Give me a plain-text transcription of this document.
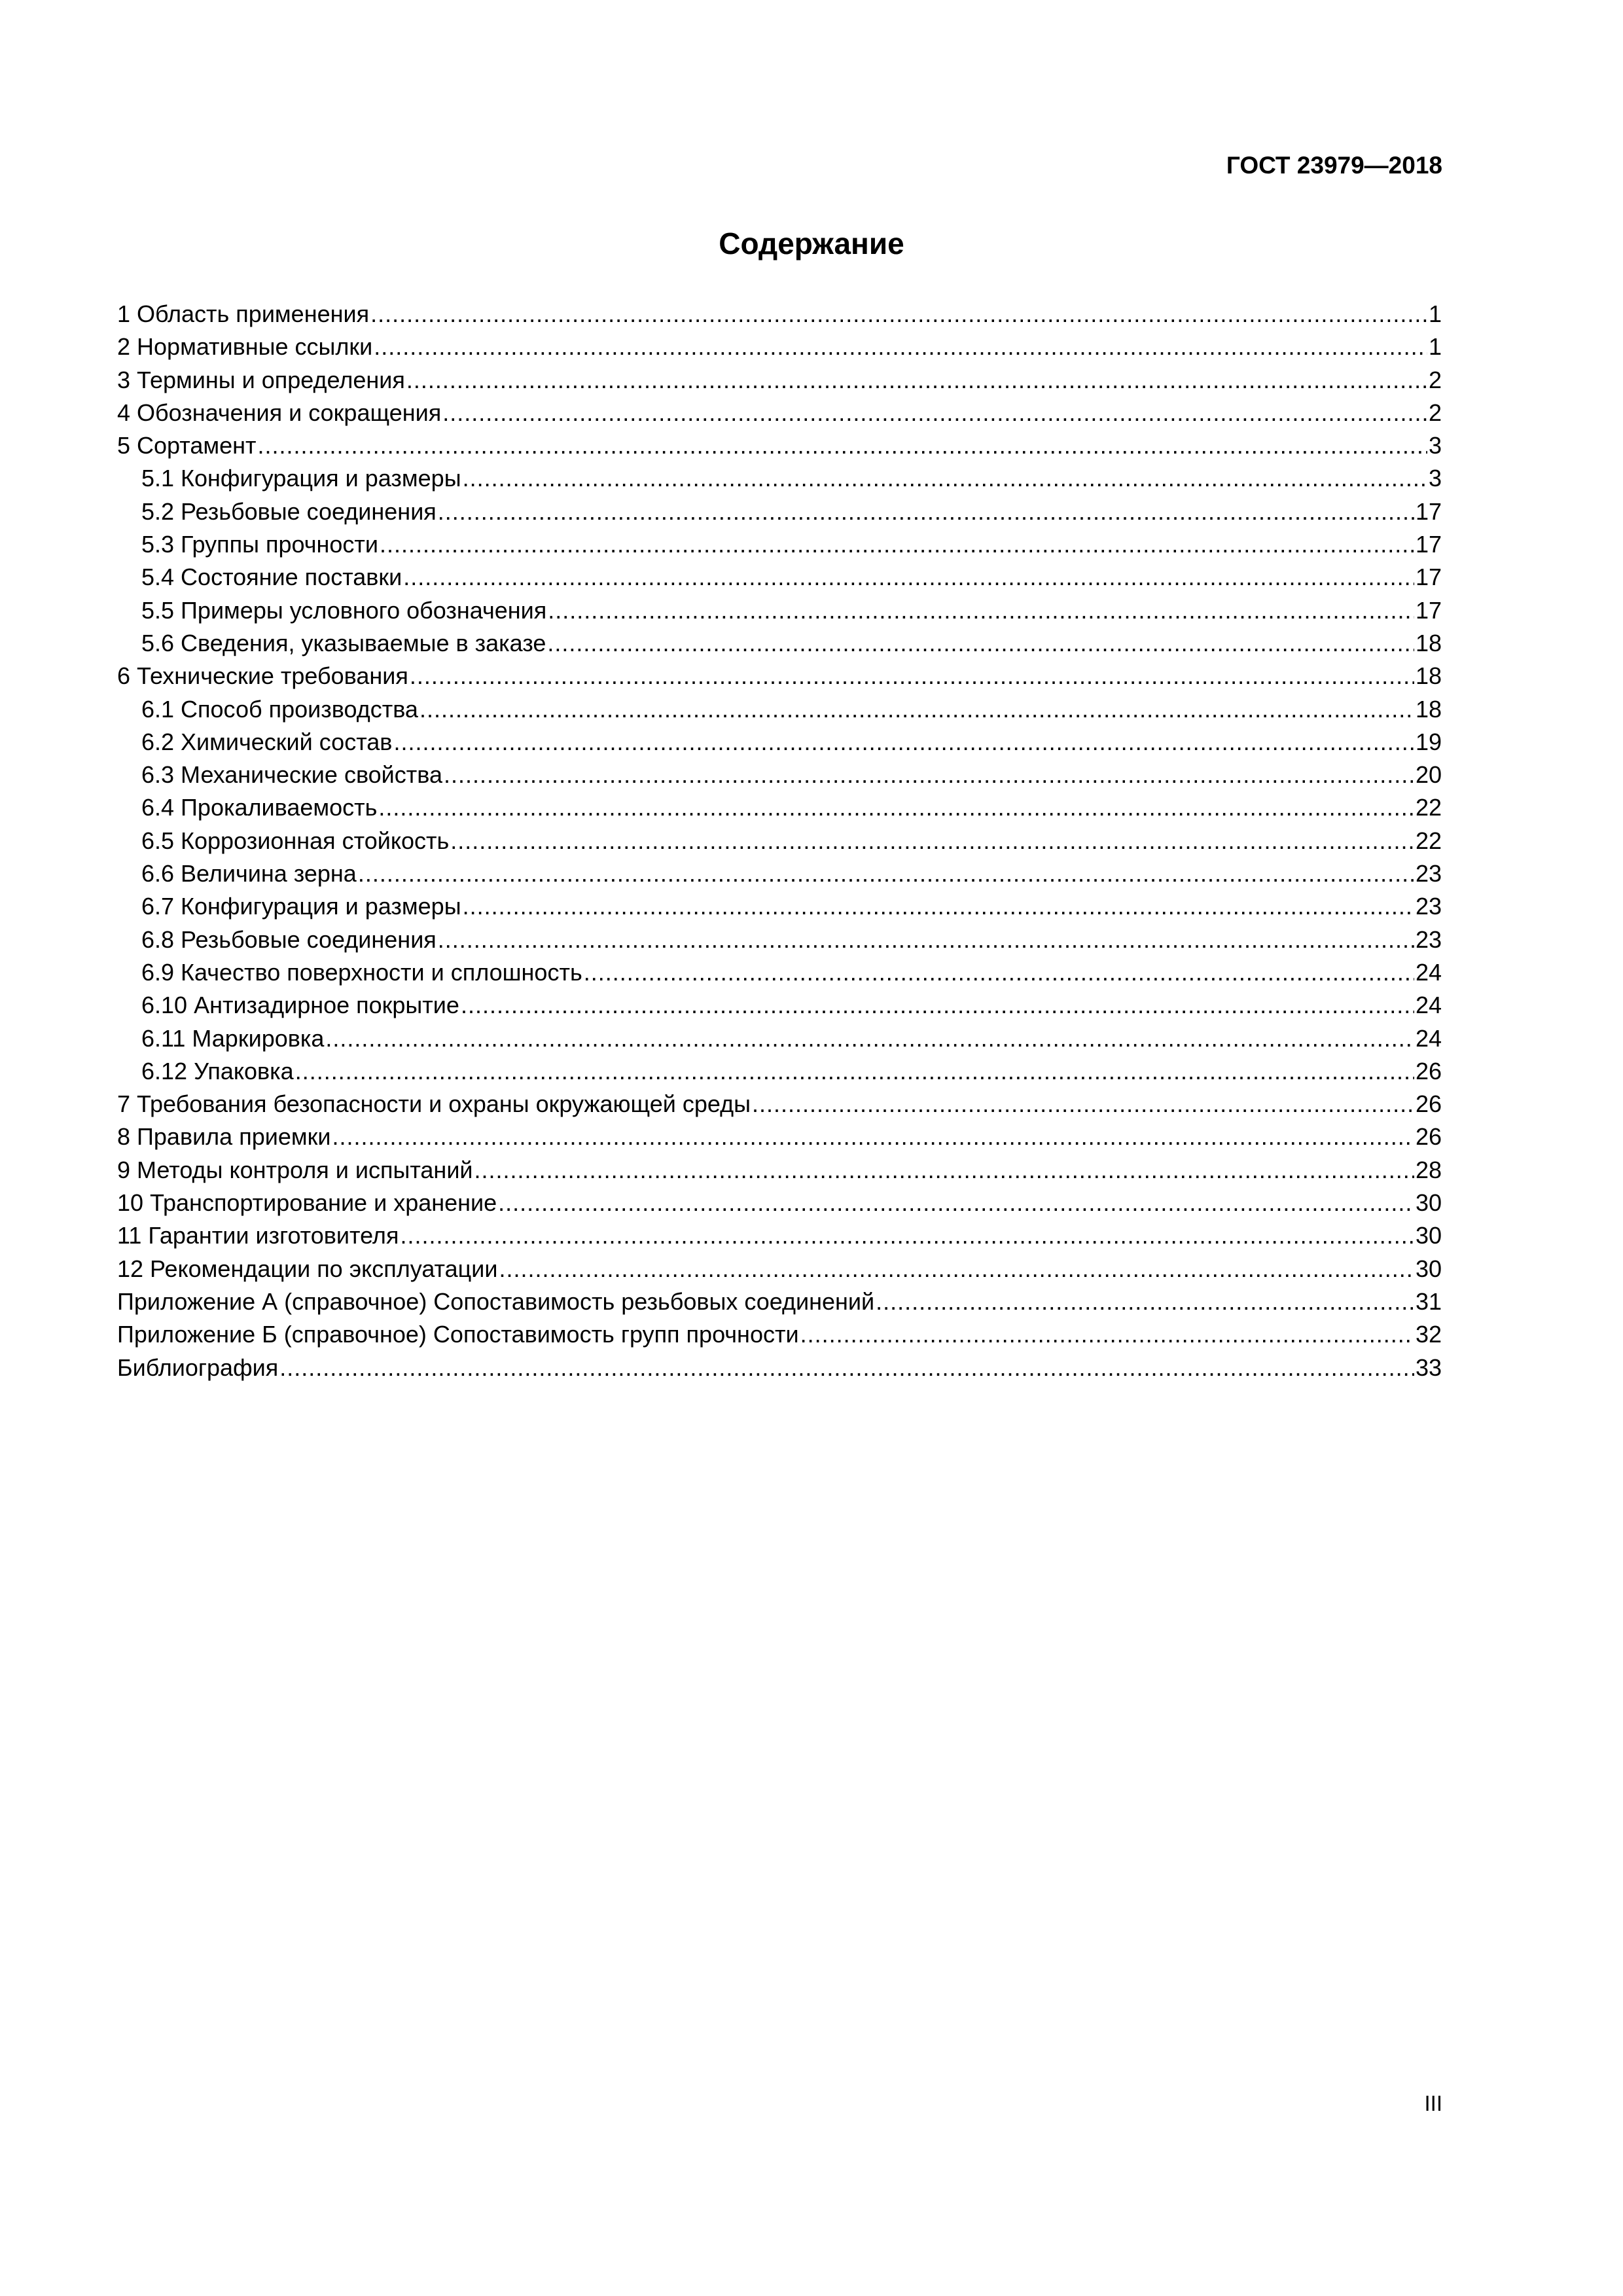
ГОСТ 23979—2018
Содержание
1 Область применения .....	1
2 Нормативные ссылки .....	1
3 Термины и определения .....	2
4 Обозначения и сокращения .....	2
5 Сортамент .....	3
5.1 Конфигурация и размеры .....	3
5.2 Резьбовые соединения .....	17
5.3 Группы прочности .....	17
5.4 Состояние поставки .....	17
5.5 Примеры условного обозначения .....	17
5.6 Сведения, указываемые в заказе .....	18
6 Технические требования .....	18
6.1 Способ производства .....	18
6.2 Химический состав .....	19
6.3 Механические свойства .....	20
6.4 Прокаливаемость .....	22
6.5 Коррозионная стойкость .....	22
6.6 Величина зерна .....	23
6.7 Конфигурация и размеры .....	23
6.8 Резьбовые соединения .....	23
6.9 Качество поверхности и сплошность .....	24
6.10 Антизадирное покрытие .....	24
6.11 Маркировка .....	24
6.12 Упаковка .....	26
7 Требования безопасности и охраны окружающей среды .....	26
8 Правила приемки .....	26
9 Методы контроля и испытаний .....	28
10 Транспортирование и хранение .....	30
11 Гарантии изготовителя .....	30
12 Рекомендации по эксплуатации .....	30
Приложение А (справочное) Сопоставимость резьбовых соединений .....	31
Приложение Б (справочное) Сопоставимость групп прочности .....	32
Библиография .....	33
III
